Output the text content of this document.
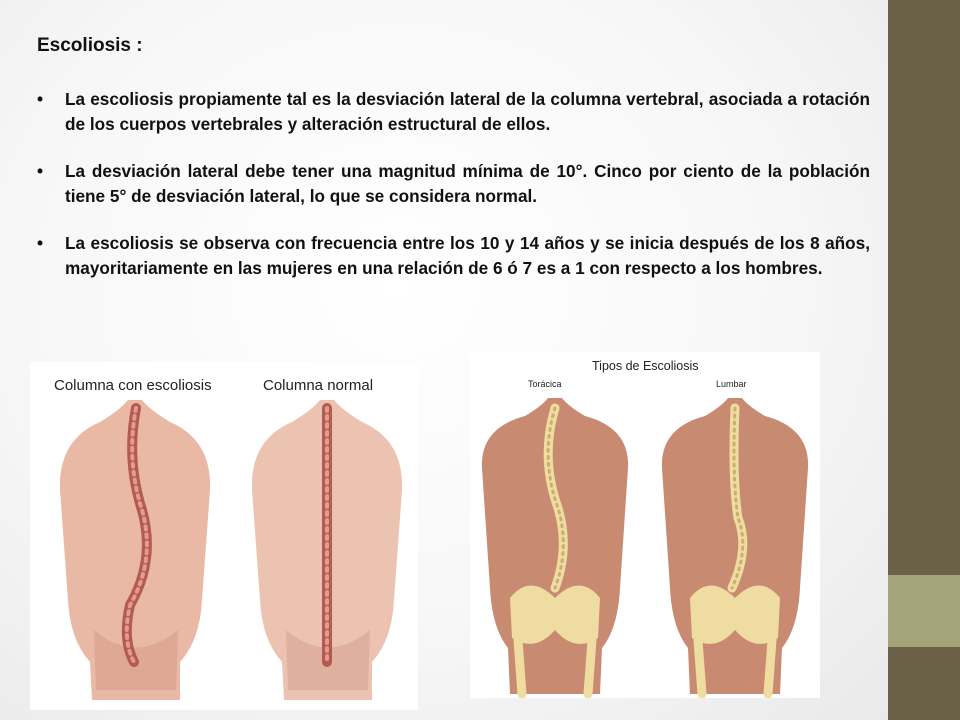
Escoliosis :
• La escoliosis propiamente tal es la desviación lateral de la columna vertebral, asociada a rotación de los cuerpos vertebrales y alteración estructural de ellos.
• La desviación lateral debe tener una magnitud mínima de 10°. Cinco por ciento de la población tiene 5° de desviación lateral, lo que se considera normal.
• La escoliosis se observa con frecuencia entre los 10 y 14 años y se inicia después de los 8 años, mayoritariamente en las mujeres en una relación de 6 ó 7 es a 1 con respecto a los hombres.
Columna con escoliosis	Columna normal
Tipos de Escoliosis
Torácica	Lumbar
